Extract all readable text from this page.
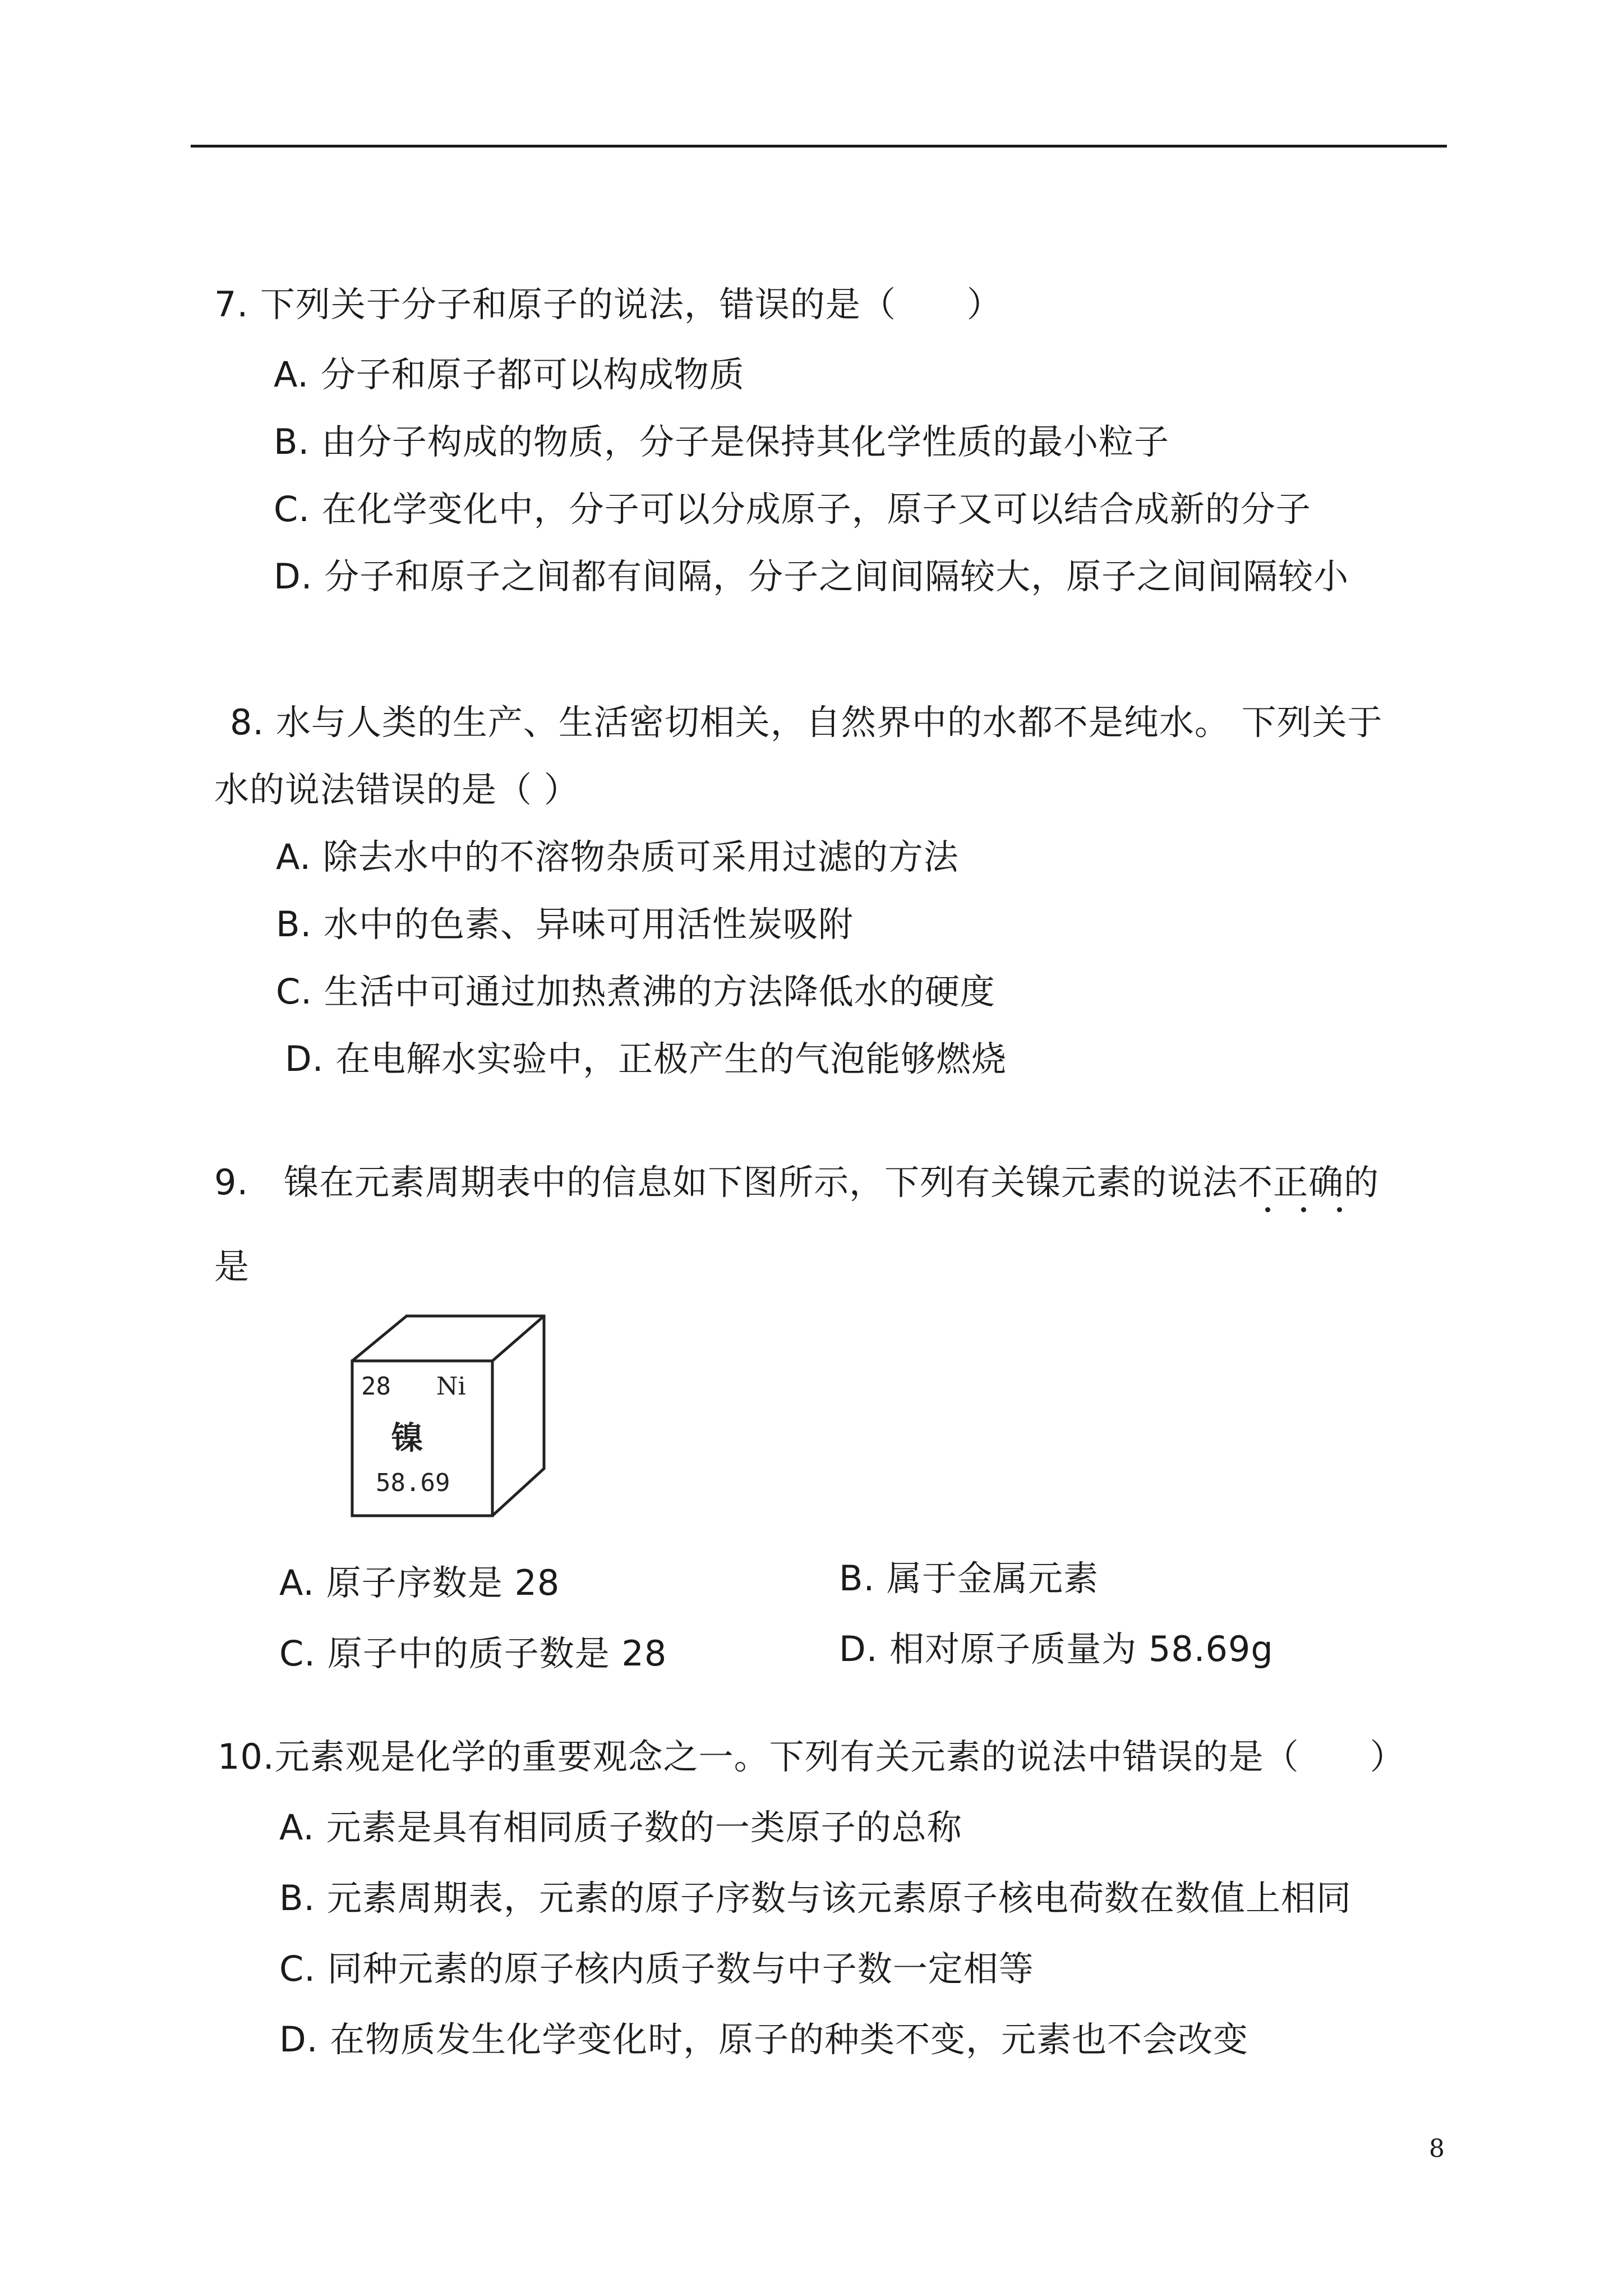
7. 下列关于分子和原子的说法，错误的是（　　）
A. 分子和原子都可以构成物质
B. 由分子构成的物质，分子是保持其化学性质的最小粒子
C. 在化学变化中，分子可以分成原子，原子又可以结合成新的分子
D. 分子和原子之间都有间隔，分子之间间隔较大，原子之间间隔较小
8. 水与人类的生产、生活密切相关，自然界中的水都不是纯水。 下列关于
水的说法错误的是（ ）
A. 除去水中的不溶物杂质可采用过滤的方法
B. 水中的色素、异味可用活性炭吸附
C. 生活中可通过加热煮沸的方法降低水的硬度
D. 在电解水实验中，正极产生的气泡能够燃烧
9.　镍在元素周期表中的信息如下图所示，下列有关镍元素的说法不正确的
是
28 Ni
镍
58.69
A. 原子序数是 28	B. 属于金属元素
C. 原子中的质子数是 28	D. 相对原子质量为 58.69g
10.元素观是化学的重要观念之一。下列有关元素的说法中错误的是（　　）
A. 元素是具有相同质子数的一类原子的总称
B. 元素周期表，元素的原子序数与该元素原子核电荷数在数值上相同
C. 同种元素的原子核内质子数与中子数一定相等
D. 在物质发生化学变化时，原子的种类不变，元素也不会改变
8
